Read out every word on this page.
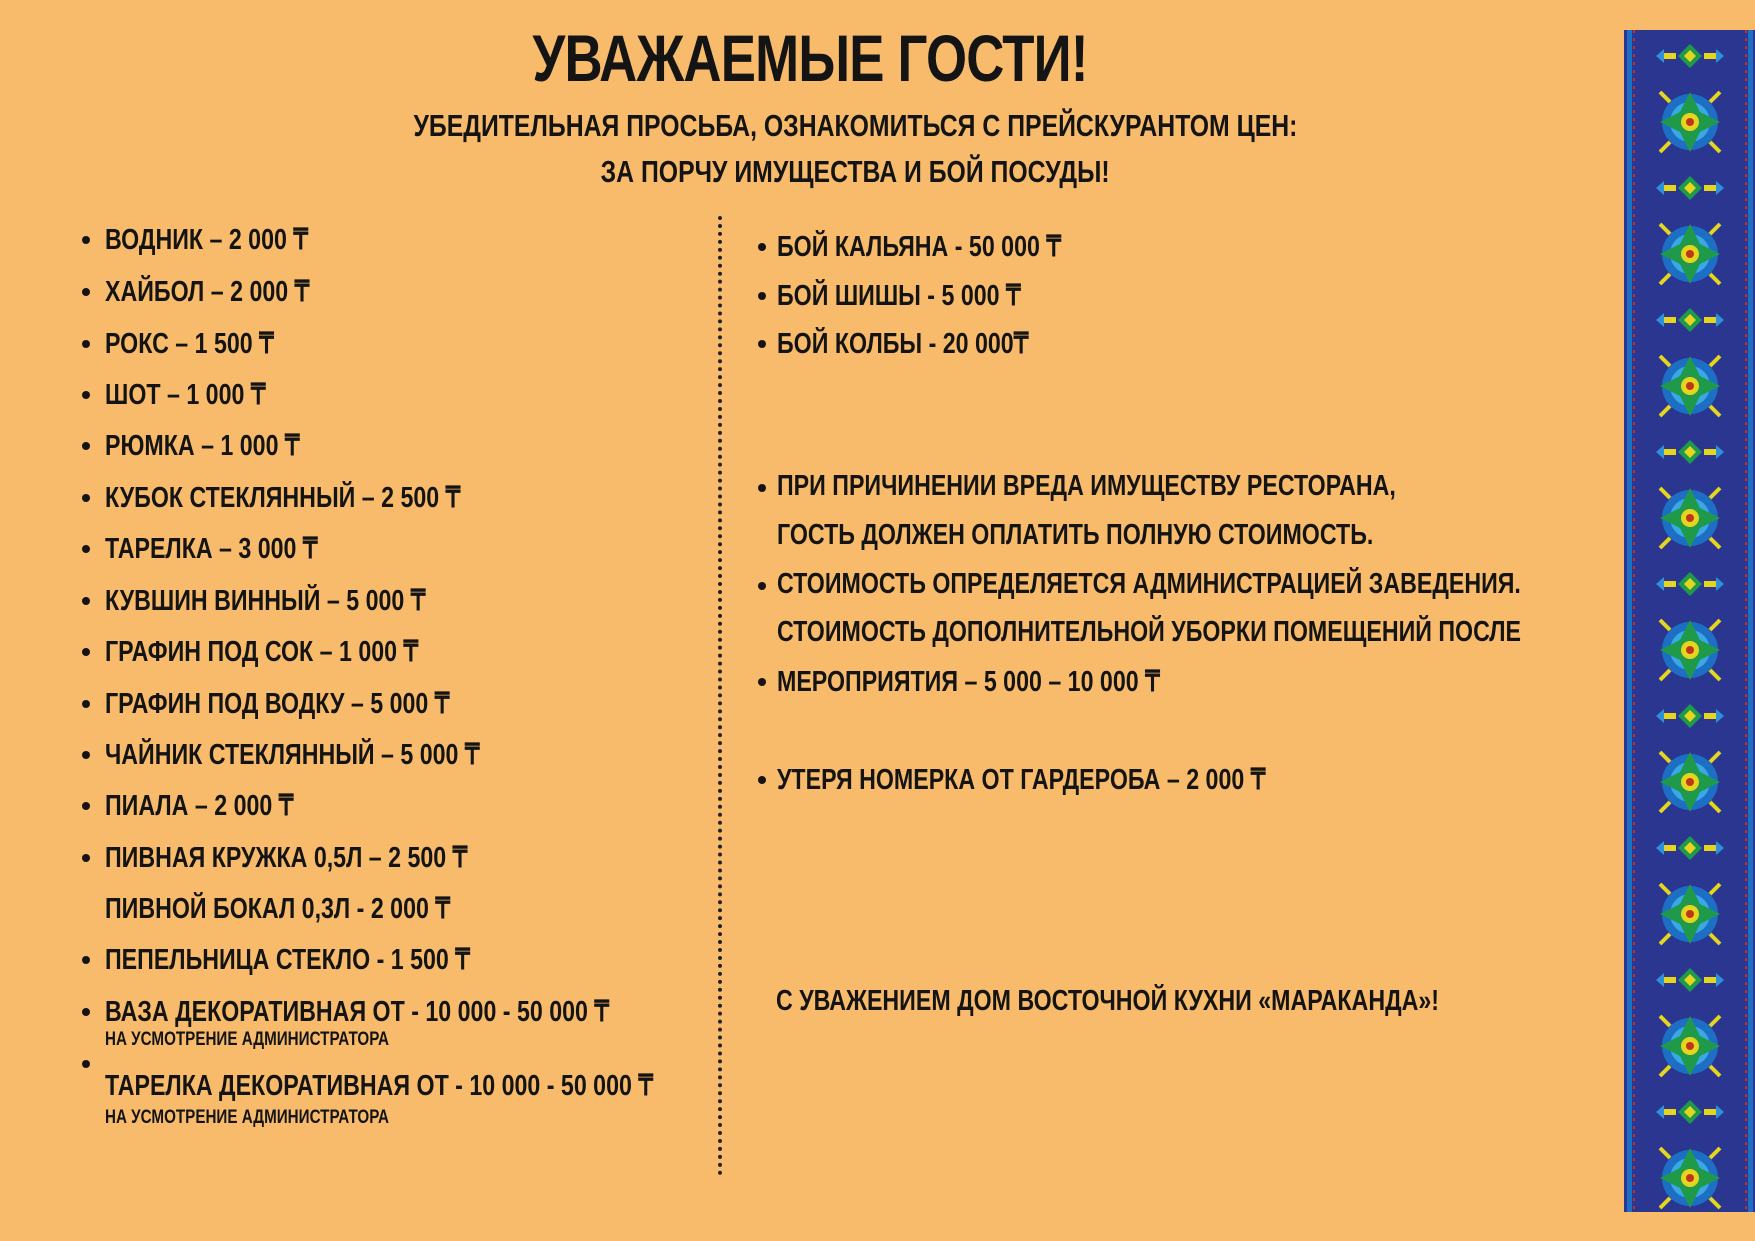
УВАЖАЕМЫЕ ГОСТИ!
УБЕДИТЕЛЬНАЯ ПРОСЬБА, ОЗНАКОМИТЬСЯ С ПРЕЙСКУРАНТОМ ЦЕН:
ЗА ПОРЧУ ИМУЩЕСТВА И БОЙ ПОСУДЫ!
ВОДНИК – 2 000 ₸
ХАЙБОЛ – 2 000 ₸
РОКС – 1 500 ₸
ШОТ – 1 000 ₸
РЮМКА – 1 000 ₸
КУБОК СТЕКЛЯННЫЙ – 2 500 ₸
ТАРЕЛКА – 3 000 ₸
КУВШИН ВИННЫЙ – 5 000 ₸
ГРАФИН ПОД СОК – 1 000 ₸
ГРАФИН ПОД ВОДКУ – 5 000 ₸
ЧАЙНИК СТЕКЛЯННЫЙ – 5 000 ₸
ПИАЛА – 2 000 ₸
ПИВНАЯ КРУЖКА 0,5Л – 2 500 ₸
ПИВНОЙ БОКАЛ 0,3Л - 2 000 ₸
ПЕПЕЛЬНИЦА СТЕКЛО - 1 500 ₸
ВАЗА ДЕКОРАТИВНАЯ ОТ - 10 000 - 50 000 ₸
НА УСМОТРЕНИЕ АДМИНИСТРАТОРА
ТАРЕЛКА ДЕКОРАТИВНАЯ ОТ - 10 000 - 50 000 ₸
НА УСМОТРЕНИЕ АДМИНИСТРАТОРА
БОЙ КАЛЬЯНА - 50 000 ₸
БОЙ ШИШЫ - 5 000 ₸
БОЙ КОЛБЫ - 20 000₸
ПРИ ПРИЧИНЕНИИ ВРЕДА ИМУЩЕСТВУ РЕСТОРАНА,
ГОСТЬ ДОЛЖЕН ОПЛАТИТЬ ПОЛНУЮ СТОИМОСТЬ.
СТОИМОСТЬ ОПРЕДЕЛЯЕТСЯ АДМИНИСТРАЦИЕЙ ЗАВЕДЕНИЯ.
СТОИМОСТЬ ДОПОЛНИТЕЛЬНОЙ УБОРКИ ПОМЕЩЕНИЙ ПОСЛЕ
МЕРОПРИЯТИЯ – 5 000 – 10 000 ₸
УТЕРЯ НОМЕРКА ОТ ГАРДЕРОБА – 2 000 ₸
С УВАЖЕНИЕМ ДОМ ВОСТОЧНОЙ КУХНИ «МАРАКАНДА»!
